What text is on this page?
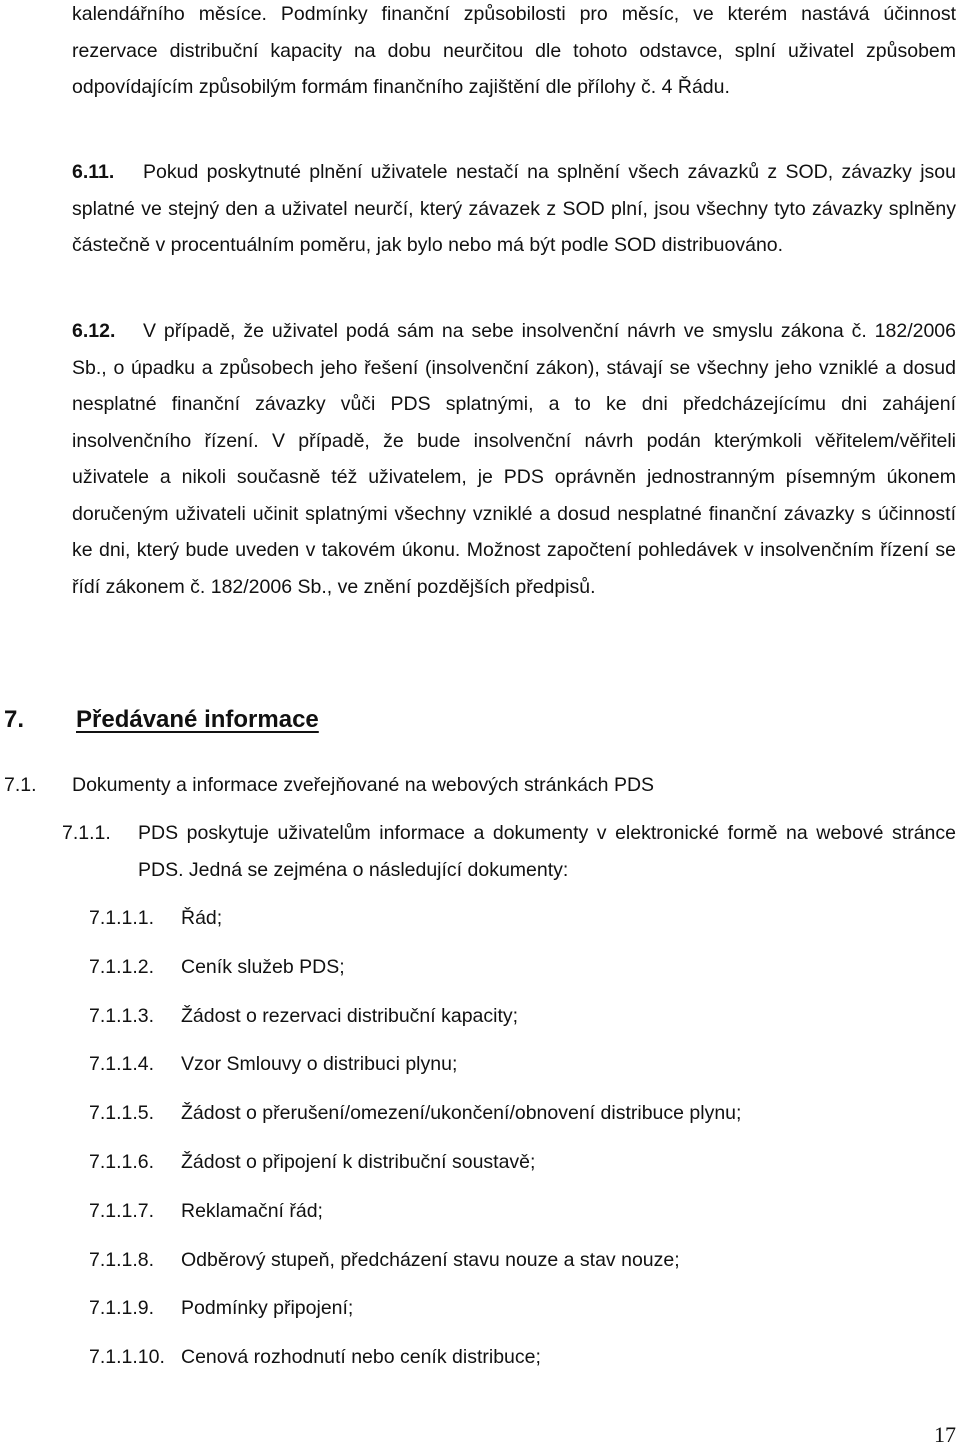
kalendářního měsíce. Podmínky finanční způsobilosti pro měsíc, ve kterém nastává účinnost rezervace distribuční kapacity na dobu neurčitou dle tohoto odstavce, splní uživatel způsobem odpovídajícím způsobilým formám finančního zajištění dle přílohy č. 4 Řádu.
6.11.	Pokud poskytnuté plnění uživatele nestačí na splnění všech závazků z SOD, závazky jsou splatné ve stejný den a uživatel neurčí, který závazek z SOD plní, jsou všechny tyto závazky splněny částečně v procentuálním poměru, jak bylo nebo má být podle SOD distribuováno.
6.12.	V případě, že uživatel podá sám na sebe insolvenční návrh ve smyslu zákona č. 182/2006 Sb., o úpadku a způsobech jeho řešení (insolvenční zákon), stávají se všechny jeho vzniklé a dosud nesplatné finanční závazky vůči PDS splatnými, a to ke dni předcházejícímu dni zahájení insolvenčního řízení. V případě, že bude insolvenční návrh podán kterýmkoli věřitelem/věřiteli uživatele a nikoli současně též uživatelem, je PDS oprávněn jednostranným písemným úkonem doručeným uživateli učinit splatnými všechny vzniklé a dosud nesplatné finanční závazky s účinností ke dni, který bude uveden v takovém úkonu. Možnost započtení pohledávek v insolvenčním řízení se řídí zákonem č. 182/2006 Sb., ve znění pozdějších předpisů.
7. Předávané informace
7.1. Dokumenty a informace zveřejňované na webových stránkách PDS
7.1.1. PDS poskytuje uživatelům informace a dokumenty v elektronické formě na webové stránce PDS. Jedná se zejména o následující dokumenty:
7.1.1.1. Řád;
7.1.1.2. Ceník služeb PDS;
7.1.1.3. Žádost o rezervaci distribuční kapacity;
7.1.1.4. Vzor Smlouvy o distribuci plynu;
7.1.1.5. Žádost o přerušení/omezení/ukončení/obnovení distribuce plynu;
7.1.1.6. Žádost o připojení k distribuční soustavě;
7.1.1.7. Reklamační řád;
7.1.1.8. Odběrový stupeň, předcházení stavu nouze a stav nouze;
7.1.1.9. Podmínky připojení;
7.1.1.10. Cenová rozhodnutí nebo ceník distribuce;
17
